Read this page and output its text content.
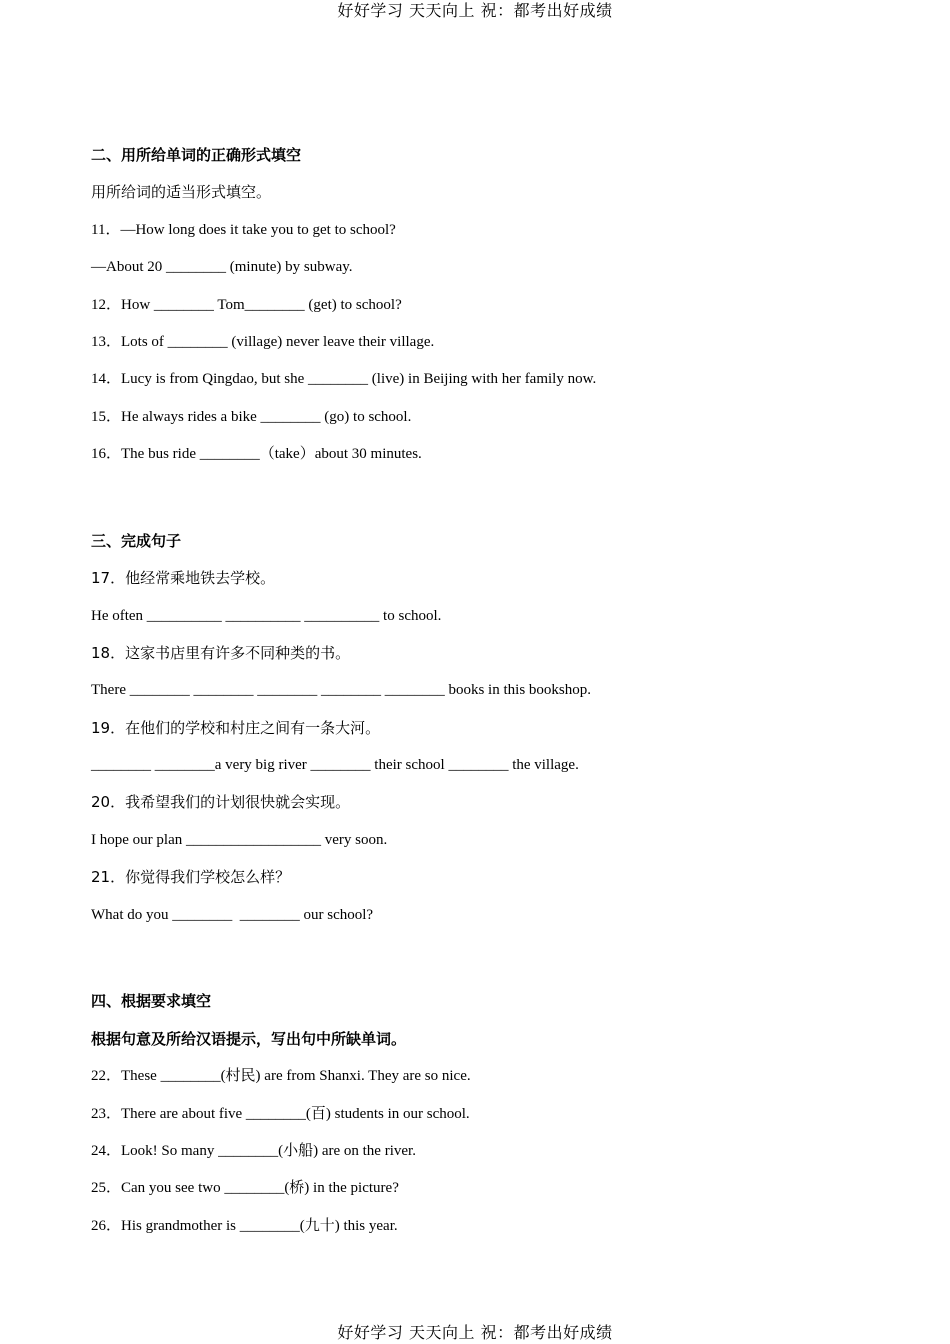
好好学习 天天向上 祝：都考出好成绩
二、用所给单词的正确形式填空
用所给词的适当形式填空。
11．—How long does it take you to get to school?
—About 20 ________ (minute) by subway.
12．How ________ Tom________ (get) to school?
13．Lots of ________ (village) never leave their village.
14．Lucy is from Qingdao, but she ________ (live) in Beijing with her family now.
15．He always rides a bike ________ (go) to school.
16．The bus ride ________（take）about 30 minutes.
三、完成句子
17．他经常乘地铁去学校。
He often __________ __________ __________ to school.
18．这家书店里有许多不同种类的书。
There ________ ________ ________ ________ ________ books in this bookshop.
19．在他们的学校和村庄之间有一条大河。
________ ________a very big river ________ their school ________ the village.
20．我希望我们的计划很快就会实现。
I hope our plan __________________ very soon.
21．你觉得我们学校怎么样？
What do you ________  ________ our school?
四、根据要求填空
根据句意及所给汉语提示，写出句中所缺单词。
22．These ________(村民) are from Shanxi. They are so nice.
23．There are about five ________(百) students in our school.
24．Look! So many ________(小船) are on the river.
25．Can you see two ________(桥) in the picture?
26．His grandmother is ________(九十) this year.
好好学习 天天向上 祝：都考出好成绩
